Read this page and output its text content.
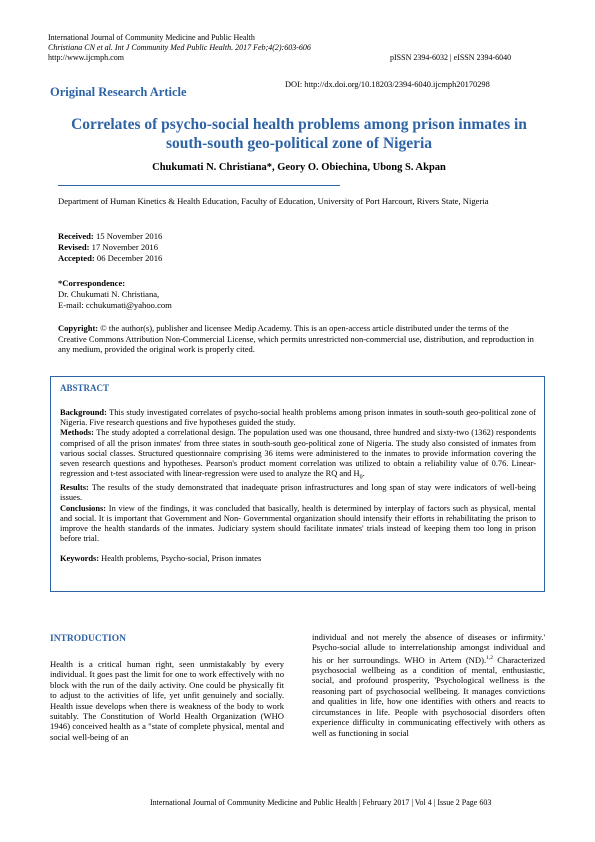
International Journal of Community Medicine and Public Health
Christiana CN et al. Int J Community Med Public Health. 2017 Feb;4(2):603-606
http://www.ijcmph.com	pISSN 2394-6032 | eISSN 2394-6040
DOI: http://dx.doi.org/10.18203/2394-6040.ijcmph20170298
Original Research Article
Correlates of psycho-social health problems among prison inmates in
south-south geo-political zone of Nigeria
Chukumati N. Christiana*, Geory O. Obiechina, Ubong S. Akpan
Department of Human Kinetics & Health Education, Faculty of Education, University of Port Harcourt, Rivers State, Nigeria
Received: 15 November 2016
Revised: 17 November 2016
Accepted: 06 December 2016
*Correspondence:
Dr. Chukumati N. Christiana,
E-mail: cchukumati@yahoo.com
Copyright: © the author(s), publisher and licensee Medip Academy. This is an open-access article distributed under the terms of the Creative Commons Attribution Non-Commercial License, which permits unrestricted non-commercial use, distribution, and reproduction in any medium, provided the original work is properly cited.
ABSTRACT

Background: This study investigated correlates of psycho-social health problems among prison inmates in south-south geo-political zone of Nigeria. Five research questions and five hypotheses guided the study.

Methods: The study adopted a correlational design. The population used was one thousand, three hundred and sixty-two (1362) respondents comprised of all the prison inmates' from three states in south-south geo-political zone of Nigeria. The study also consisted of inmates from various social classes. Structured questionnaire comprising 36 items were administered to the inmates to provide information covering the seven research questions and hypotheses. Pearson's product moment correlation was utilized to obtain a reliability value of 0.76. Linear-regression and t-test associated with linear-regression were used to analyze the RQ and $H_0$.

Results: The results of the study demonstrated that inadequate prison infrastructures and long span of stay were indicators of well-being issues.

Conclusions: In view of the findings, it was concluded that basically, health is determined by interplay of factors such as physical, mental and social. It is important that Government and Non- Governmental organization should intensify their efforts in rehabilitating the prison to improve the health standards of the inmates. Judiciary system should facilitate inmates' trials instead of keeping them too long in prison before trial.

Keywords: Health problems, Psycho-social, Prison inmates

INTRODUCTION

Health is a critical human right, seen unmistakably by every individual. It goes past the limit for one to work effectively with no block with the run of the daily activity. One could be physically fit to adjust to the activities of life, yet unfit genuinely and socially. Health issue develops when there is weakness of the body to work suitably. The Constitution of World Health Organization (WHO 1946) conceived health as a "state of complete physical, mental and social well-being of an

individual and not merely the absence of diseases or infirmity.' Psycho-social allude to interrelationship amongst individual and his or her surroundings. WHO in Artem (ND).$^{1,2}$ Characterized psychosocial wellbeing as a condition of mental, enthusiastic, social, and profound prosperity, 'Psychological wellness is the reasoning part of psychosocial wellbeing. It manages convictions and qualities in life, how one identifies with others and reacts to circumstances in life. People with psychosocial disorders often experience difficulty in communicating effectively with others as well as functioning in social

International Journal of Community Medicine and Public Health | February 2017 | Vol 4 | Issue 2 Page 603
